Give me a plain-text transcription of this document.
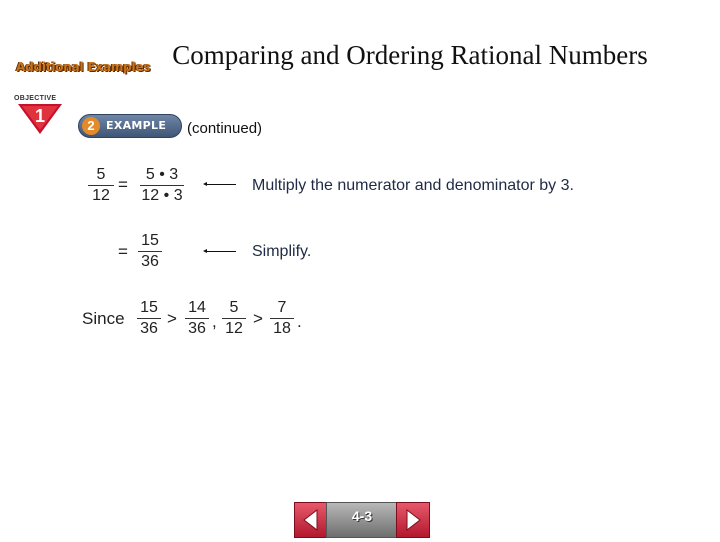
Additional Examples Comparing and Ordering Rational Numbers
OBJECTIVE
1	2	EXAMPLE (continued)
5
12
=
5 • 3
12 • 3
Multiply the numerator and denominator by 3.
=
15
36
Simplify.
Since
15
36
>
14
36 ,
5
12
>
7
18 .
4-3
